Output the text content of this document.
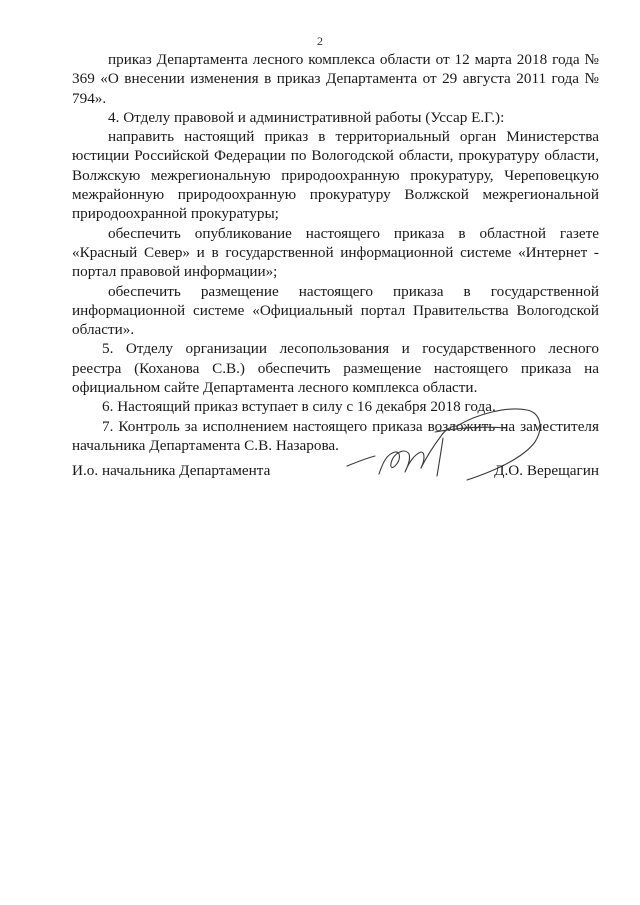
2

приказ Департамента лесного комплекса области от 12 марта 2018 года № 369 «О внесении изменения в приказ Департамента от 29 августа 2011 года № 794».

4. Отделу правовой и административной работы (Уссар Е.Г.):

направить настоящий приказ в территориальный орган Министерства юстиции Российской Федерации по Вологодской области, прокуратуру области, Волжскую межрегиональную природоохранную прокуратуру, Череповецкую межрайонную природоохранную прокуратуру Волжской межрегиональной природоохранной прокуратуры;

обеспечить опубликование настоящего приказа в областной газете «Красный Север» и в государственной информационной системе «Интернет - портал правовой информации»;

обеспечить размещение настоящего приказа в государственной информационной системе «Официальный портал Правительства Вологодской области».

5. Отделу организации лесопользования и государственного лесного реестра (Коханова С.В.) обеспечить размещение настоящего приказа на официальном сайте Департамента лесного комплекса области.

6. Настоящий приказ вступает в силу с 16 декабря 2018 года.

7. Контроль за исполнением настоящего приказа возложить на заместителя начальника Департамента С.В. Назарова.

И.о. начальника Департамента	Д.О. Верещагин
